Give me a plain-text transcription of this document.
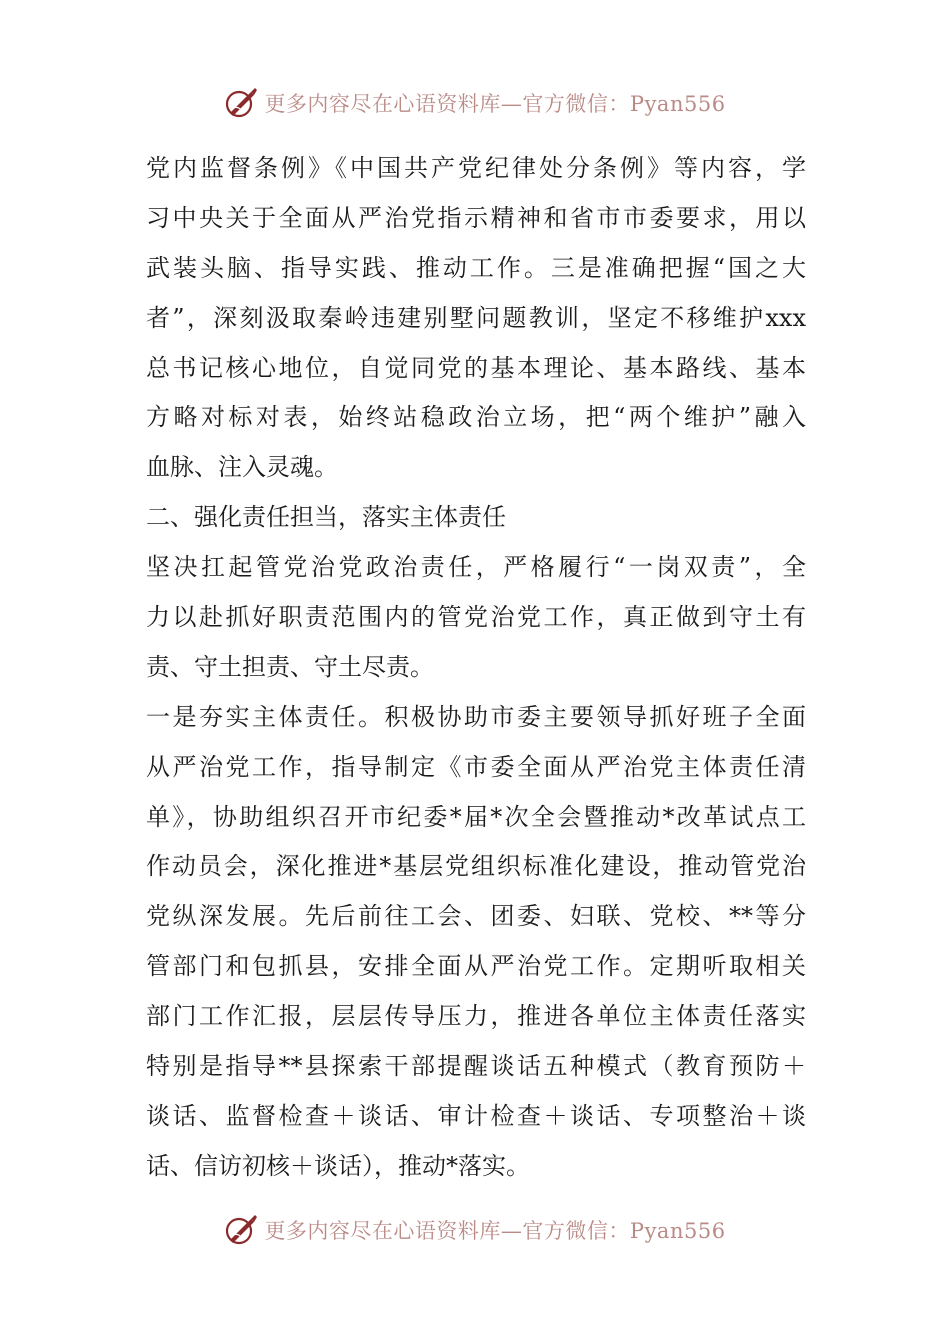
更多内容尽在心语资料库—官方微信：Pyan556
党内监督条例》《中国共产党纪律处分条例》等内容，学
习中央关于全面从严治党指示精神和省市市委要求，用以
武装头脑、指导实践、推动工作。三是准确把握“国之大
者”，深刻汲取秦岭违建别墅问题教训，坚定不移维护xxx
总书记核心地位，自觉同党的基本理论、基本路线、基本
方略对标对表，始终站稳政治立场，把“两个维护”融入
血脉、注入灵魂。
二、强化责任担当，落实主体责任
坚决扛起管党治党政治责任，严格履行“一岗双责”，全
力以赴抓好职责范围内的管党治党工作，真正做到守土有
责、守土担责、守土尽责。
一是夯实主体责任。积极协助市委主要领导抓好班子全面
从严治党工作，指导制定《市委全面从严治党主体责任清
单》，协助组织召开市纪委*届*次全会暨推动*改革试点工
作动员会，深化推进*基层党组织标准化建设，推动管党治
党纵深发展。先后前往工会、团委、妇联、党校、**等分
管部门和包抓县，安排全面从严治党工作。定期听取相关
部门工作汇报，层层传导压力，推进各单位主体责任落实
特别是指导**县探索干部提醒谈话五种模式（教育预防＋
谈话、监督检查＋谈话、审计检查＋谈话、专项整治＋谈
话、信访初核＋谈话），推动*落实。
更多内容尽在心语资料库—官方微信：Pyan556
